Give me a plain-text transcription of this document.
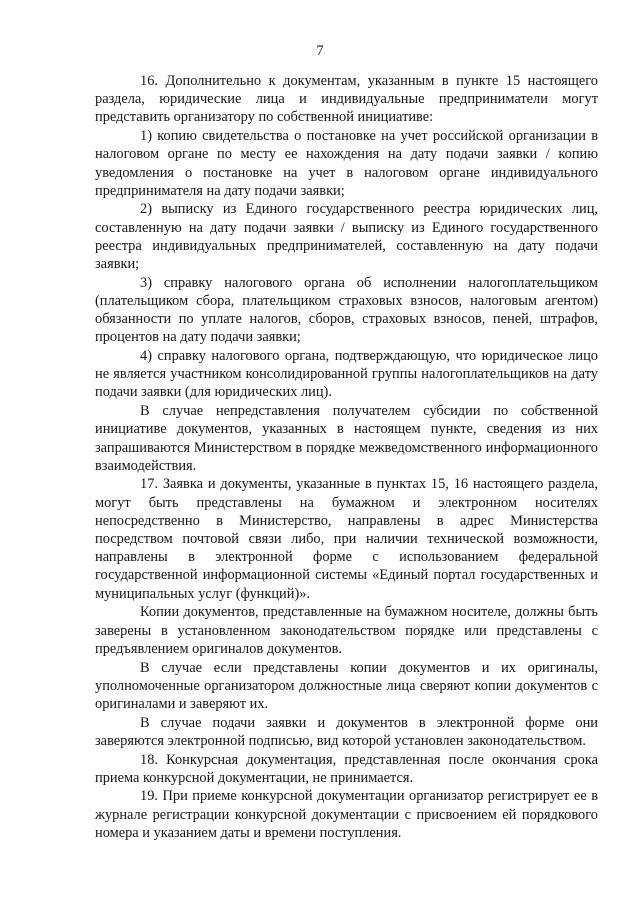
7

16. Дополнительно к документам, указанным в пункте 15 настоящего раздела, юридические лица и индивидуальные предприниматели могут представить организатору по собственной инициативе:

1) копию свидетельства о постановке на учет российской организации в налоговом органе по месту ее нахождения на дату подачи заявки / копию уведомления о постановке на учет в налоговом органе индивидуального предпринимателя на дату подачи заявки;

2) выписку из Единого государственного реестра юридических лиц, составленную на дату подачи заявки / выписку из Единого государственного реестра индивидуальных предпринимателей, составленную на дату подачи заявки;

3) справку налогового органа об исполнении налогоплательщиком (плательщиком сбора, плательщиком страховых взносов, налоговым агентом) обязанности по уплате налогов, сборов, страховых взносов, пеней, штрафов, процентов на дату подачи заявки;

4) справку налогового органа, подтверждающую, что юридическое лицо не является участником консолидированной группы налогоплательщиков на дату подачи заявки (для юридических лиц).

В случае непредставления получателем субсидии по собственной инициативе документов, указанных в настоящем пункте, сведения из них запрашиваются Министерством в порядке межведомственного информационного взаимодействия.

17. Заявка и документы, указанные в пунктах 15, 16 настоящего раздела, могут быть представлены на бумажном и электронном носителях непосредственно в Министерство, направлены в адрес Министерства посредством почтовой связи либо, при наличии технической возможности, направлены в электронной форме с использованием федеральной государственной информационной системы «Единый портал государственных и муниципальных услуг (функций)».

Копии документов, представленные на бумажном носителе, должны быть заверены в установленном законодательством порядке или представлены с предъявлением оригиналов документов.

В случае если представлены копии документов и их оригиналы, уполномоченные организатором должностные лица сверяют копии документов с оригиналами и заверяют их.

В случае подачи заявки и документов в электронной форме они заверяются электронной подписью, вид которой установлен законодательством.

18. Конкурсная документация, представленная после окончания срока приема конкурсной документации, не принимается.

19. При приеме конкурсной документации организатор регистрирует ее в журнале регистрации конкурсной документации с присвоением ей порядкового номера и указанием даты и времени поступления.
